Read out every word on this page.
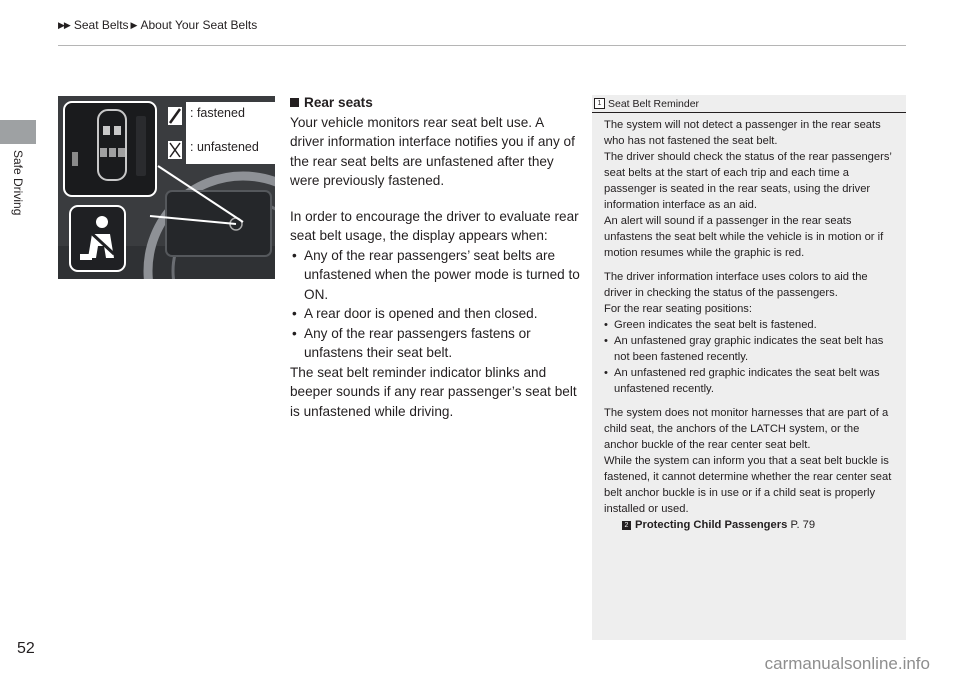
▶▶ Seat Belts ▶ About Your Seat Belts
Safe Driving
: fastened
: unfastened
Rear seats

Your vehicle monitors rear seat belt use. A driver information interface notifies you if any of the rear seat belts are unfastened after they were previously fastened.

In order to encourage the driver to evaluate rear seat belt usage, the display appears when:

• Any of the rear passengers’ seat belts are unfastened when the power mode is turned to ON.
• A rear door is opened and then closed.
• Any of the rear passengers fastens or unfastens their seat belt.

The seat belt reminder indicator blinks and beeper sounds if any rear passenger’s seat belt is unfastened while driving.

1 Seat Belt Reminder

The system will not detect a passenger in the rear seats who has not fastened the seat belt.

The driver should check the status of the rear passengers’ seat belts at the start of each trip and each time a passenger is seated in the rear seats, using the driver information interface as an aid.

An alert will sound if a passenger in the rear seats unfastens the seat belt while the vehicle is in motion or if motion resumes while the graphic is red.

The driver information interface uses colors to aid the driver in checking the status of the passengers.

For the rear seating positions:

• Green indicates the seat belt is fastened.
• An unfastened gray graphic indicates the seat belt has not been fastened recently.
• An unfastened red graphic indicates the seat belt was unfastened recently.

The system does not monitor harnesses that are part of a child seat, the anchors of the LATCH system, or the anchor buckle of the rear center seat belt.

While the system can inform you that a seat belt buckle is fastened, it cannot determine whether the rear center seat belt anchor buckle is in use or if a child seat is properly installed or used.

2 Protecting Child Passengers P. 79
52
carmanualsonline.info
